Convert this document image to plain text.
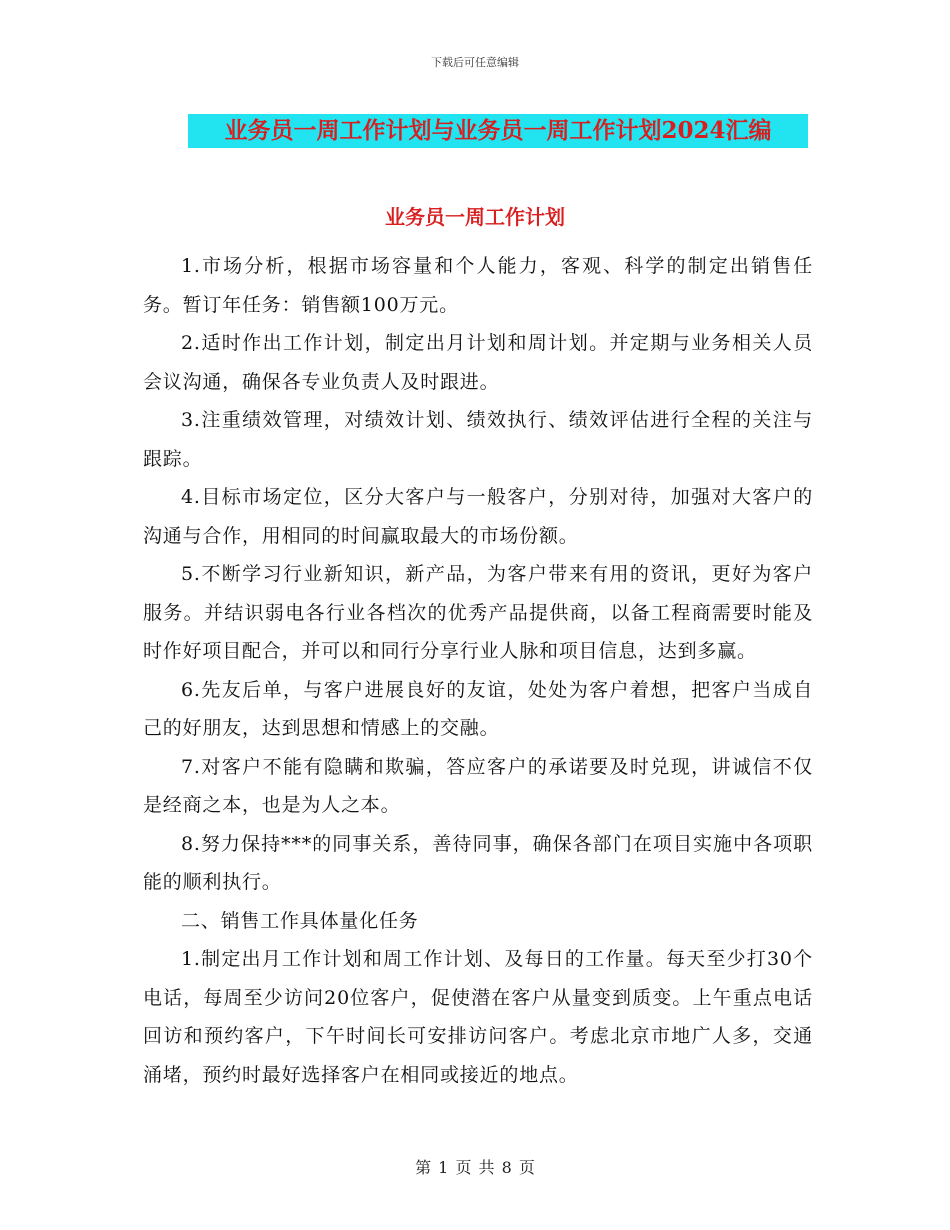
下载后可任意编辑
业务员一周工作计划与业务员一周工作计划2024汇编
业务员一周工作计划

1.市场分析，根据市场容量和个人能力，客观、科学的制定出销售任务。暂订年任务：销售额100万元。

2.适时作出工作计划，制定出月计划和周计划。并定期与业务相关人员会议沟通，确保各专业负责人及时跟进。

3.注重绩效管理，对绩效计划、绩效执行、绩效评估进行全程的关注与跟踪。

4.目标市场定位，区分大客户与一般客户，分别对待，加强对大客户的沟通与合作，用相同的时间赢取最大的市场份额。

5.不断学习行业新知识，新产品，为客户带来有用的资讯，更好为客户服务。并结识弱电各行业各档次的优秀产品提供商，以备工程商需要时能及时作好项目配合，并可以和同行分享行业人脉和项目信息，达到多赢。

6.先友后单，与客户进展良好的友谊，处处为客户着想，把客户当成自己的好朋友，达到思想和情感上的交融。

7.对客户不能有隐瞒和欺骗，答应客户的承诺要及时兑现，讲诚信不仅是经商之本，也是为人之本。

8.努力保持***的同事关系，善待同事，确保各部门在项目实施中各项职能的顺利执行。

二、销售工作具体量化任务

1.制定出月工作计划和周工作计划、及每日的工作量。每天至少打30个电话，每周至少访问20位客户，促使潜在客户从量变到质变。上午重点电话回访和预约客户，下午时间长可安排访问客户。考虑北京市地广人多，交通涌堵，预约时最好选择客户在相同或接近的地点。

第 1 页 共 8 页
